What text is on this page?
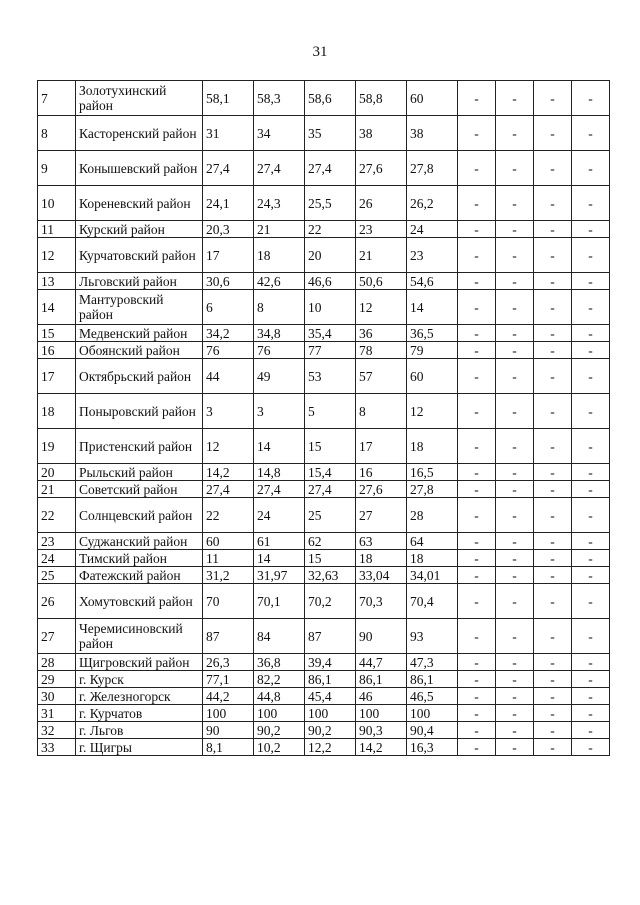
31
7	Золотухинский район	58,1	58,3	58,6	58,8	60	-	-	-	-
8	Касторенский район	31	34	35	38	38	-	-	-	-
9	Конышевский район	27,4	27,4	27,4	27,6	27,8	-	-	-	-
10	Кореневский район	24,1	24,3	25,5	26	26,2	-	-	-	-
11	Курский район	20,3	21	22	23	24	-	-	-	-
12	Курчатовский район	17	18	20	21	23	-	-	-	-
13	Льговский район	30,6	42,6	46,6	50,6	54,6	-	-	-	-
14	Мантуровский район	6	8	10	12	14	-	-	-	-
15	Медвенский район	34,2	34,8	35,4	36	36,5	-	-	-	-
16	Обоянский район	76	76	77	78	79	-	-	-	-
17	Октябрьский район	44	49	53	57	60	-	-	-	-
18	Поныровский район	3	3	5	8	12	-	-	-	-
19	Пристенский район	12	14	15	17	18	-	-	-	-
20	Рыльский район	14,2	14,8	15,4	16	16,5	-	-	-	-
21	Советский район	27,4	27,4	27,4	27,6	27,8	-	-	-	-
22	Солнцевский район	22	24	25	27	28	-	-	-	-
23	Суджанский район	60	61	62	63	64	-	-	-	-
24	Тимский район	11	14	15	18	18	-	-	-	-
25	Фатежский район	31,2	31,97	32,63	33,04	34,01	-	-	-	-
26	Хомутовский район	70	70,1	70,2	70,3	70,4	-	-	-	-
27	Черемисиновский район	87	84	87	90	93	-	-	-	-
28	Щигровский район	26,3	36,8	39,4	44,7	47,3	-	-	-	-
29	г. Курск	77,1	82,2	86,1	86,1	86,1	-	-	-	-
30	г. Железногорск	44,2	44,8	45,4	46	46,5	-	-	-	-
31	г. Курчатов	100	100	100	100	100	-	-	-	-
32	г. Льгов	90	90,2	90,2	90,3	90,4	-	-	-	-
33	г. Щигры	8,1	10,2	12,2	14,2	16,3	-	-	-	-
